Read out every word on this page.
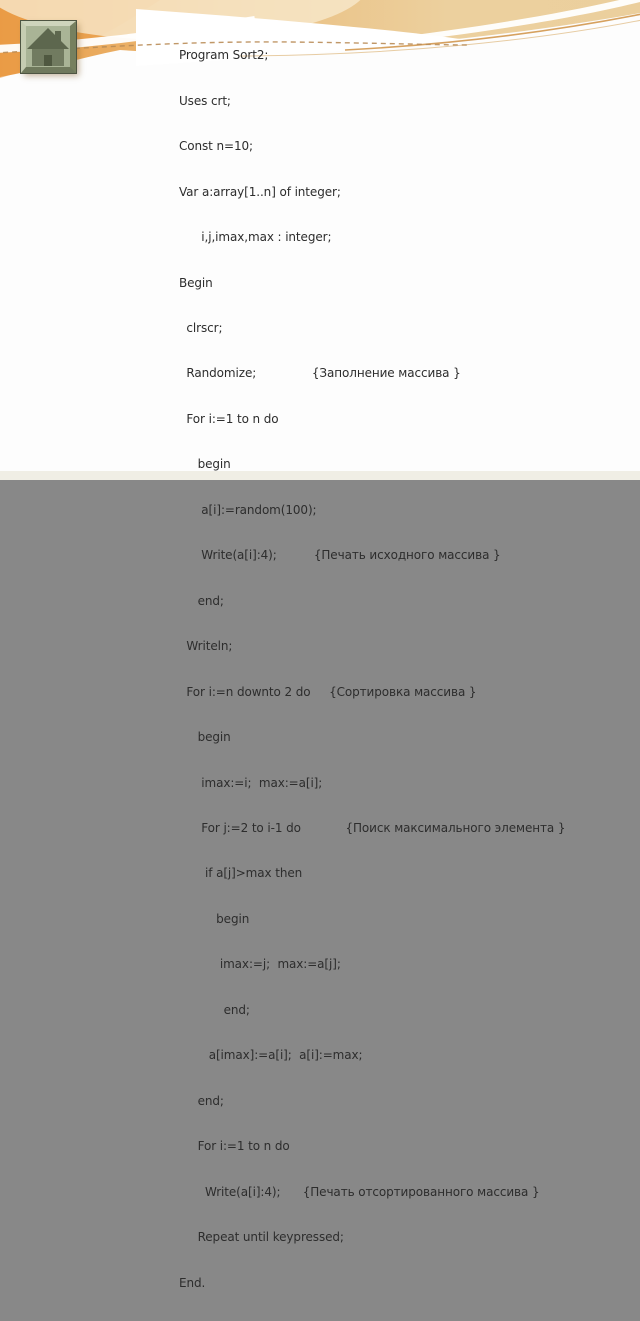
Program Sort2;

Uses crt;

Const n=10;

Var a:array[1..n] of integer;

i,j,imax,max : integer;

Begin

clrscr;

Randomize;               {Заполнение массива }

For i:=1 to n do

begin

a[i]:=random(100);

Write(a[i]:4);          {Печать исходного массива }

end;

Writeln;

For i:=n downto 2 do     {Сортировка массива }

begin

imax:=i;  max:=a[i];

For j:=2 to i-1 do            {Поиск максимального элемента }

if a[j]>max then

begin

imax:=j;  max:=a[j];

end;

a[imax]:=a[i];  a[i]:=max;

end;

For i:=1 to n do

Write(a[i]:4);      {Печать отсортированного массива }

Repeat until keypressed;

End.
